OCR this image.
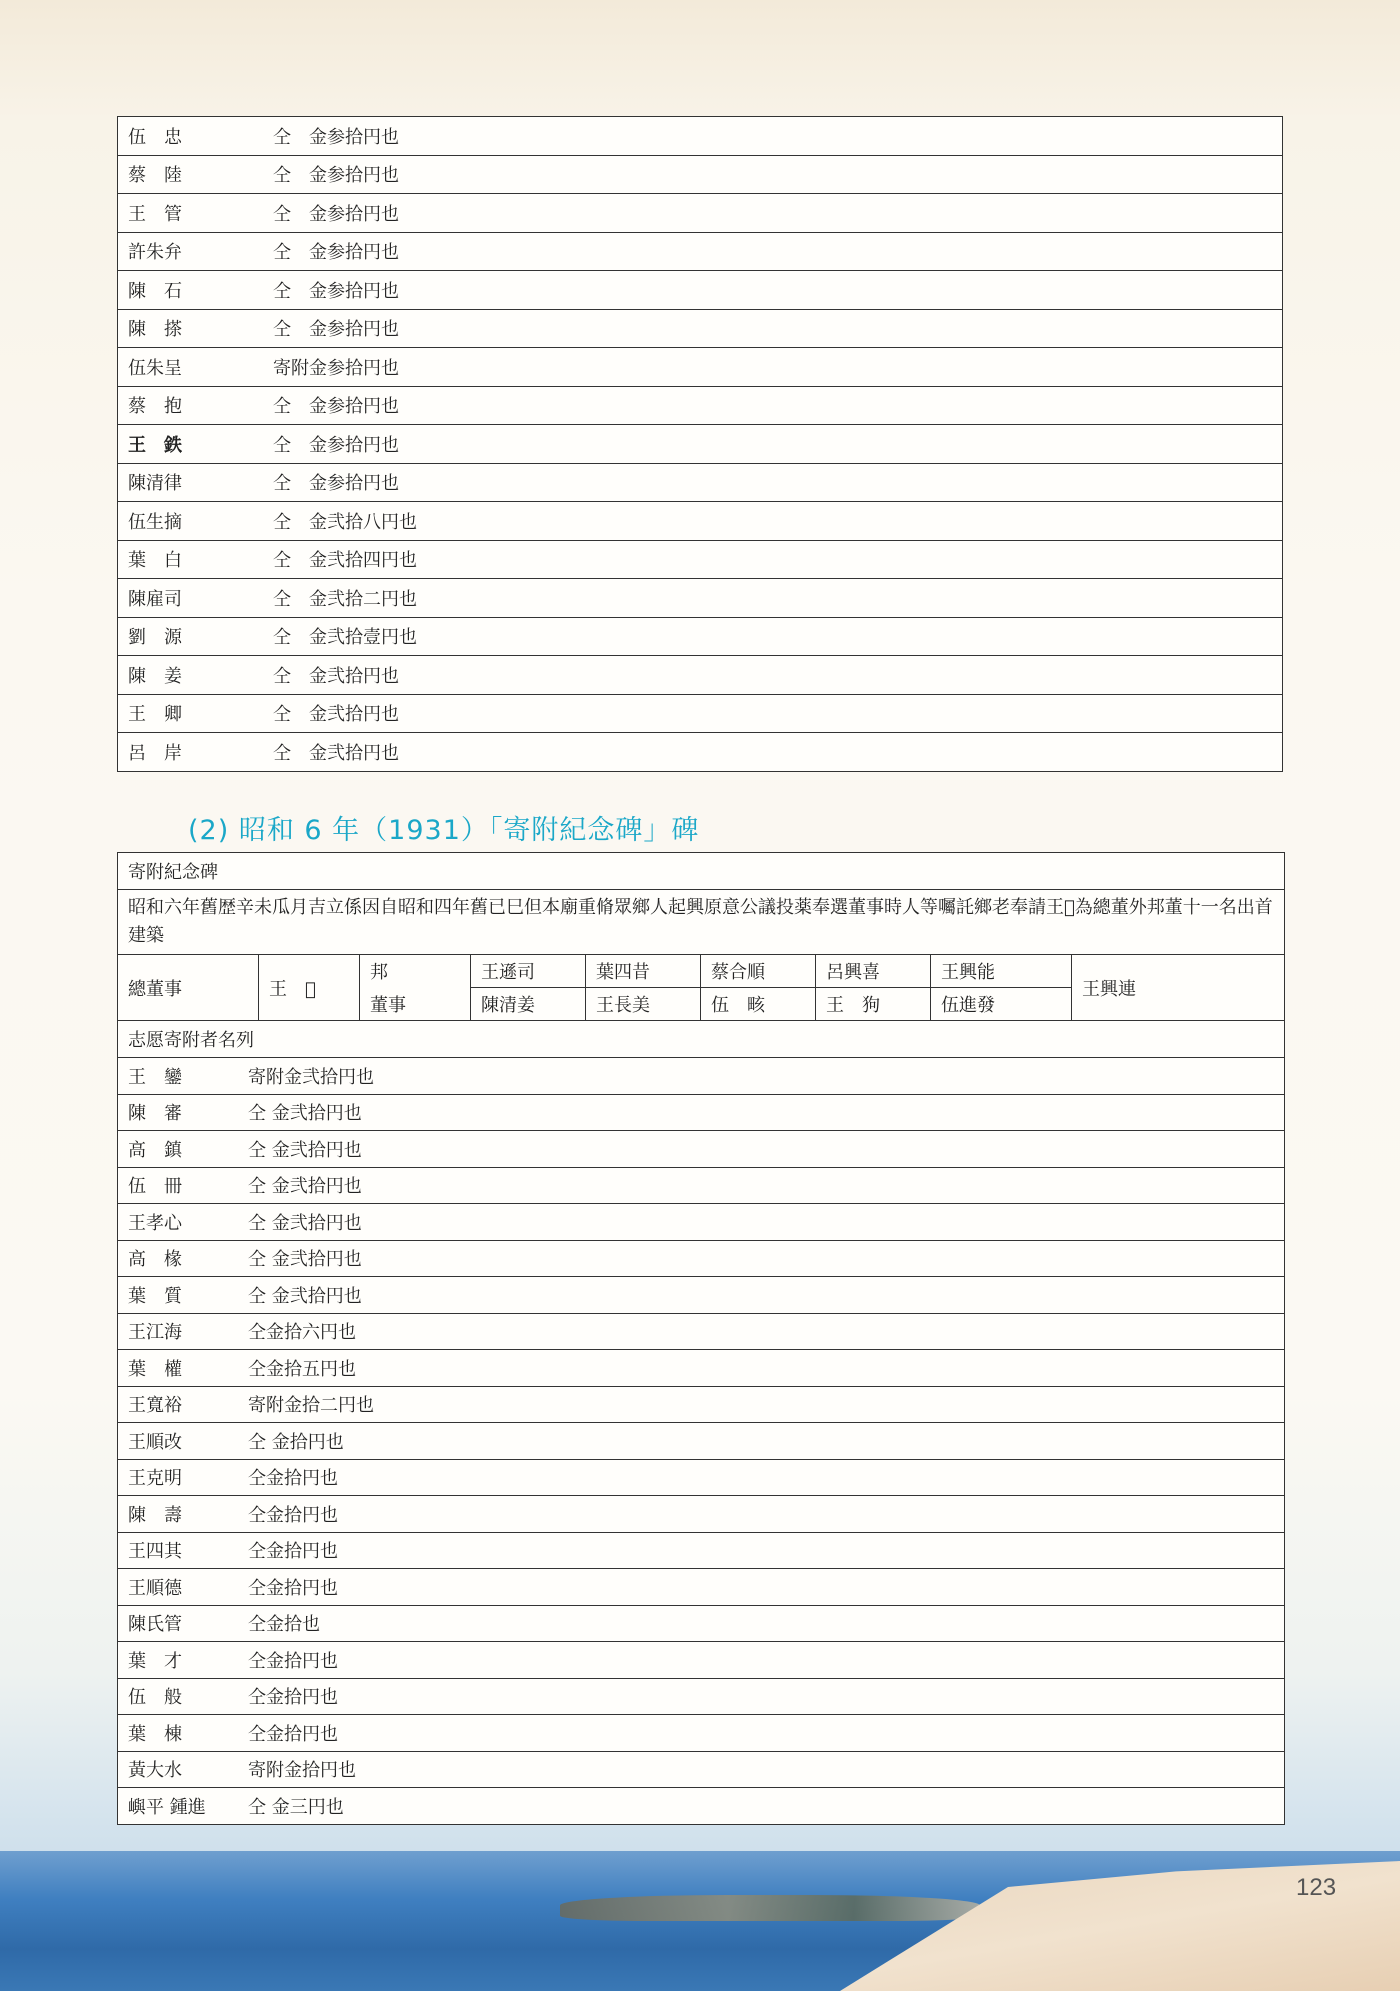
伍　忠	仝　金参拾円也
蔡　陸	仝　金参拾円也
王　管	仝　金参拾円也
許朱弁	仝　金参拾円也
陳　石	仝　金参拾円也
陳　搽	仝　金参拾円也
伍朱呈	寄附金参拾円也
蔡　抱	仝　金参拾円也
王　鉄	仝　金参拾円也
陳清律	仝　金参拾円也
伍生摘	仝　金弐拾八円也
葉　白	仝　金弐拾四円也
陳雇司	仝　金弐拾二円也
劉　源	仝　金弐拾壹円也
陳　姜	仝　金弐拾円也
王　卿	仝　金弐拾円也
呂　岸	仝　金弐拾円也
(2) 昭和 6 年（1931）「寄附紀念碑」碑
寄附紀念碑								
昭和六年舊歴辛未瓜月吉立係因自昭和四年舊已巳但本廟重脩眾鄉人起興原意公議投薬奉選董事時人等囑託鄉老奉請王𢢿為總董外邦董十一名出首建築								
總董事	王　𢢿	邦	王遜司	葉四昔	蔡合順	呂興喜	王興能	王興連
		董事	陳清姜	王長美	伍　畡	王　狗	伍進發	
志愿寄附者名列								
王　鑾 寄附金弐拾円也								
陳　審 仝 金弐拾円也								
高　鎮 仝 金弐拾円也								
伍　冊 仝 金弐拾円也								
王孝心 仝 金弐拾円也								
高　椽 仝 金弐拾円也								
葉　質 仝 金弐拾円也								
王江海 仝金拾六円也								
葉　權 仝金拾五円也								
王寬裕 寄附金拾二円也								
王順改 仝 金拾円也								
王克明 仝金拾円也								
陳　壽 仝金拾円也								
王四其 仝金拾円也								
王順德 仝金拾円也								
陳氏管 仝金拾也								
葉　才 仝金拾円也								
伍　般 仝金拾円也								
葉　棟 仝金拾円也								
黃大水 寄附金拾円也								
嶼平 鍾進 仝 金三円也								
123
